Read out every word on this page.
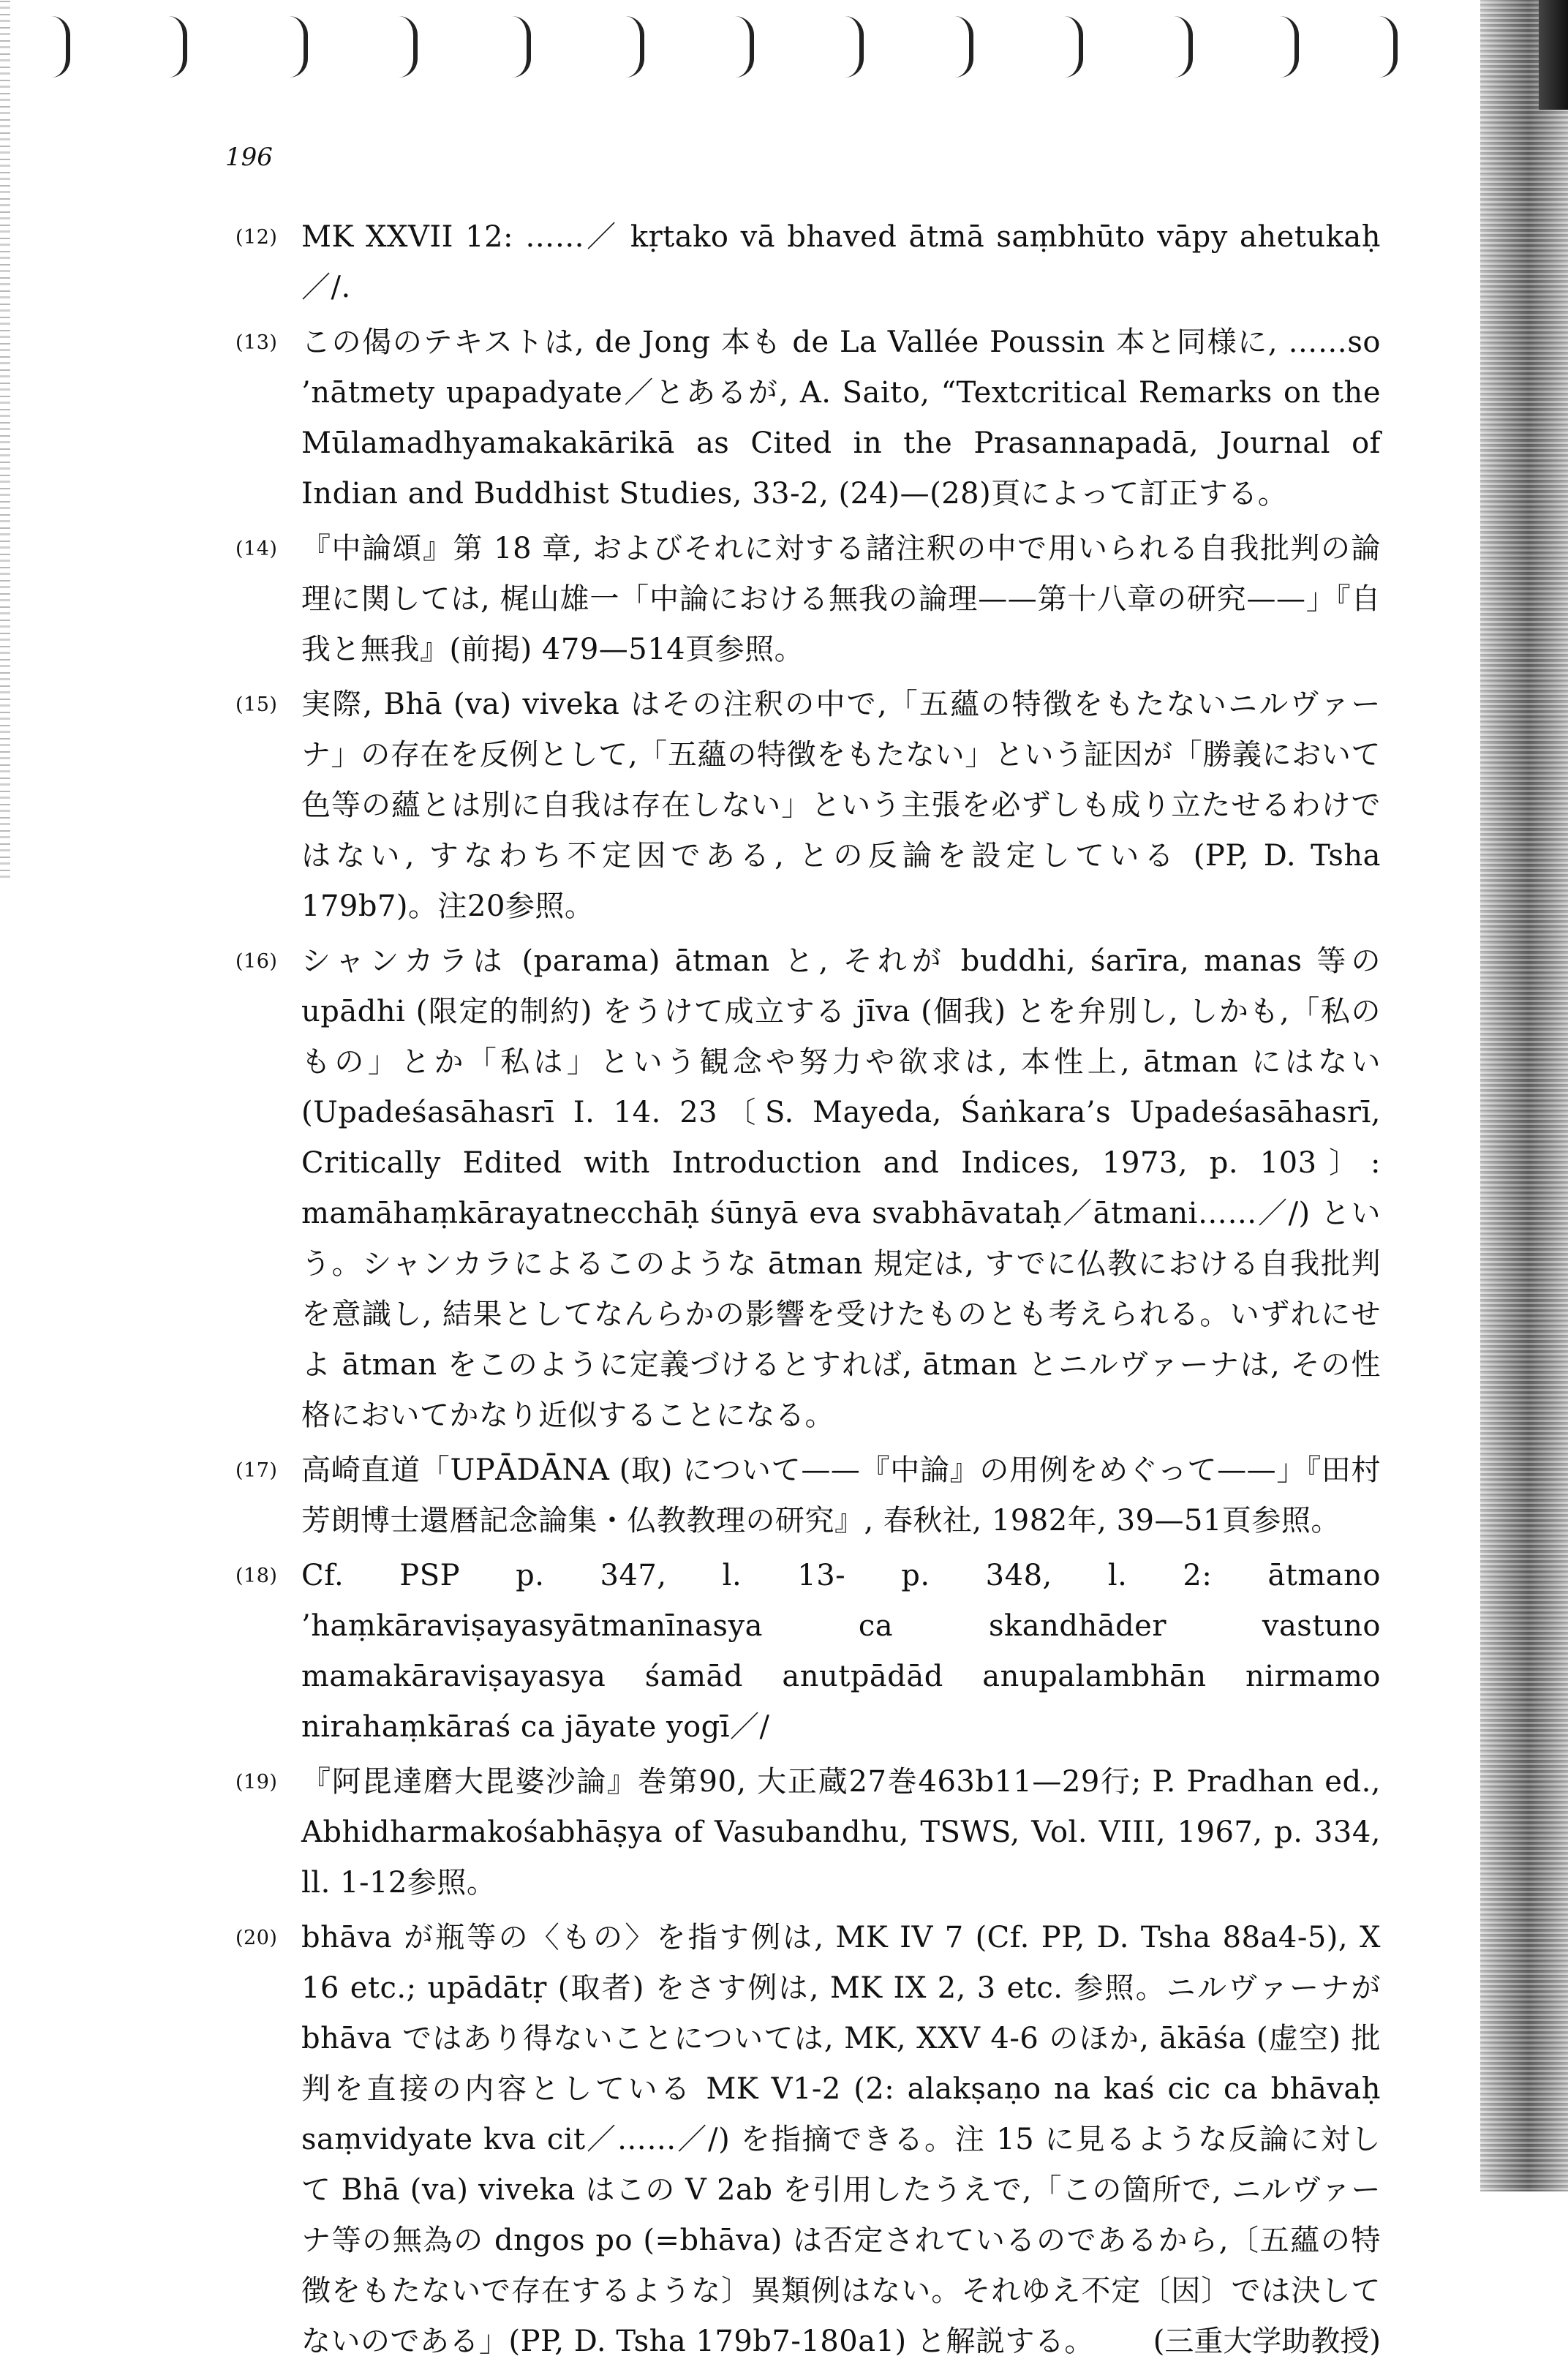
196
(12) MK XXVII 12: ……／ kṛtako vā bhaved ātmā saṃbhūto vāpy ahetukaḥ／/.
(13) この偈のテキストは, de Jong 本も de La Vallée Poussin 本と同様に, ……so ’nātmety upapadyate／とあるが, A. Saito, “Textcritical Remarks on the Mūlamadhyamakakārikā as Cited in the Prasannapadā, Journal of Indian and Buddhist Studies, 33-2, (24)—(28)頁によって訂正する。
(14) 『中論頌』第 18 章, およびそれに対する諸注釈の中で用いられる自我批判の論理に関しては, 梶山雄一「中論における無我の論理——第十八章の研究——」『自我と無我』(前掲) 479—514頁参照。
(15) 実際, Bhā (va) viveka はその注釈の中で,「五蘊の特徴をもたないニルヴァーナ」の存在を反例として,「五蘊の特徴をもたない」という証因が「勝義において色等の蘊とは別に自我は存在しない」という主張を必ずしも成り立たせるわけではない, すなわち不定因である, との反論を設定している (PP, D. Tsha 179b7)。注20参照。
(16) シャンカラは (parama) ātman と, それが buddhi, śarīra, manas 等の upādhi (限定的制約) をうけて成立する jīva (個我) とを弁別し, しかも,「私のもの」とか「私は」という観念や努力や欲求は, 本性上, ātman にはない (Upadeśasāhasrī I. 14. 23〔S. Mayeda, Śaṅkara’s Upadeśasāhasrī, Critically Edited with Introduction and Indices, 1973, p. 103〕: mamāhaṃkārayatnecchāḥ śūnyā eva svabhāvataḥ／ātmani……／/) という。シャンカラによるこのような ātman 規定は, すでに仏教における自我批判を意識し, 結果としてなんらかの影響を受けたものとも考えられる。いずれにせよ ātman をこのように定義づけるとすれば, ātman とニルヴァーナは, その性格においてかなり近似することになる。
(17) 高崎直道「UPĀDĀNA (取) について——『中論』の用例をめぐって——」『田村芳朗博士還暦記念論集・仏教教理の研究』, 春秋社, 1982年, 39—51頁参照。
(18) Cf. PSP p. 347, l. 13- p. 348, l. 2: ātmano ’haṃkāraviṣayasyātmanīnasya ca skandhāder vastuno mamakāraviṣayasya śamād anutpādād anupalambhān nirmamo nirahaṃkāraś ca jāyate yogī／/
(19) 『阿毘達磨大毘婆沙論』巻第90, 大正蔵27巻463b11—29行; P. Pradhan ed., Abhidharmakośabhāṣya of Vasubandhu, TSWS, Vol. VIII, 1967, p. 334, ll. 1-12参照。
(20) bhāva が瓶等の〈もの〉を指す例は, MK IV 7 (Cf. PP, D. Tsha 88a4-5), X 16 etc.; upādātṛ (取者) をさす例は, MK IX 2, 3 etc. 参照。ニルヴァーナが bhāva ではあり得ないことについては, MK, XXV 4-6 のほか, ākāśa (虚空) 批判を直接の内容としている MK V1-2 (2: alakṣaṇo na kaś cic ca bhāvaḥ saṃvidyate kva cit／……／/) を指摘できる。注 15 に見るような反論に対して Bhā (va) viveka はこの V 2ab を引用したうえで,「この箇所で, ニルヴァーナ等の無為の dngos po (=bhāva) は否定されているのであるから,〔五蘊の特徴をもたないで存在するような〕異類例はない。それゆえ不定〔因〕では決してないのである」(PP, D. Tsha 179b7-180a1) と解説する。	(三重大学助教授)
